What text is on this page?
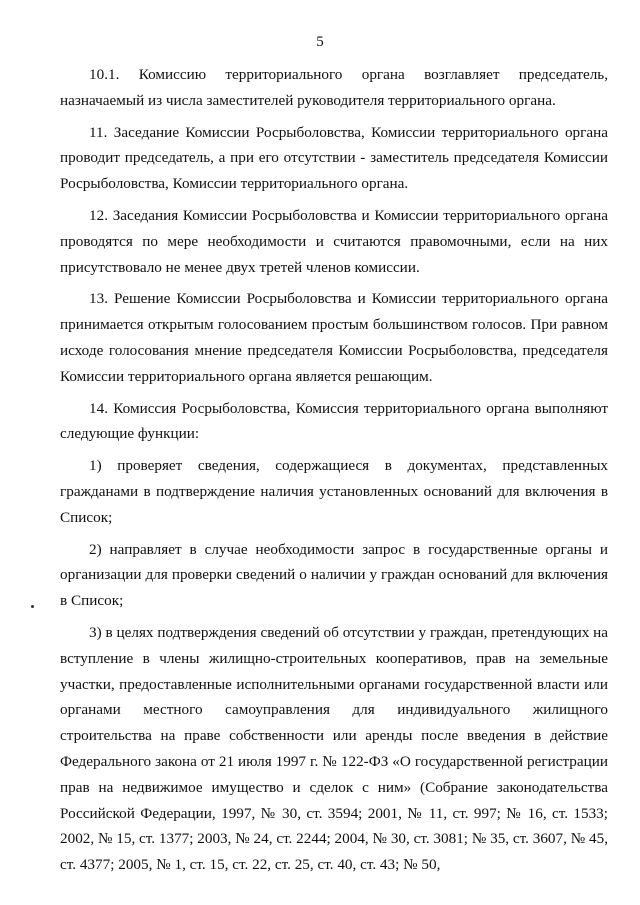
5

10.1. Комиссию территориального органа возглавляет председатель, назначаемый из числа заместителей руководителя территориального органа.

11. Заседание Комиссии Росрыболовства, Комиссии территориального органа проводит председатель, а при его отсутствии - заместитель председателя Комиссии Росрыболовства, Комиссии территориального органа.

12. Заседания Комиссии Росрыболовства и Комиссии территориального органа проводятся по мере необходимости и считаются правомочными, если на них присутствовало не менее двух третей членов комиссии.

13. Решение Комиссии Росрыболовства и Комиссии территориального органа принимается открытым голосованием простым большинством голосов. При равном исходе голосования мнение председателя Комиссии Росрыболовства, председателя Комиссии территориального органа является решающим.

14. Комиссия Росрыболовства, Комиссия территориального органа выполняют следующие функции:

1) проверяет сведения, содержащиеся в документах, представленных гражданами в подтверждение наличия установленных оснований для включения в Список;

2) направляет в случае необходимости запрос в государственные органы и организации для проверки сведений о наличии у граждан оснований для включения в Список;

3) в целях подтверждения сведений об отсутствии у граждан, претендующих на вступление в члены жилищно-строительных кооперативов, прав на земельные участки, предоставленные исполнительными органами государственной власти или органами местного самоуправления для индивидуального жилищного строительства на праве собственности или аренды после введения в действие Федерального закона от 21 июля 1997 г. № 122-ФЗ «О государственной регистрации прав на недвижимое имущество и сделок с ним» (Собрание законодательства Российской Федерации, 1997, № 30, ст. 3594; 2001, № 11, ст. 997; № 16, ст. 1533; 2002, № 15, ст. 1377; 2003, № 24, ст. 2244; 2004, № 30, ст. 3081; № 35, ст. 3607, № 45, ст. 4377; 2005, № 1, ст. 15, ст. 22, ст. 25, ст. 40, ст. 43; № 50,
